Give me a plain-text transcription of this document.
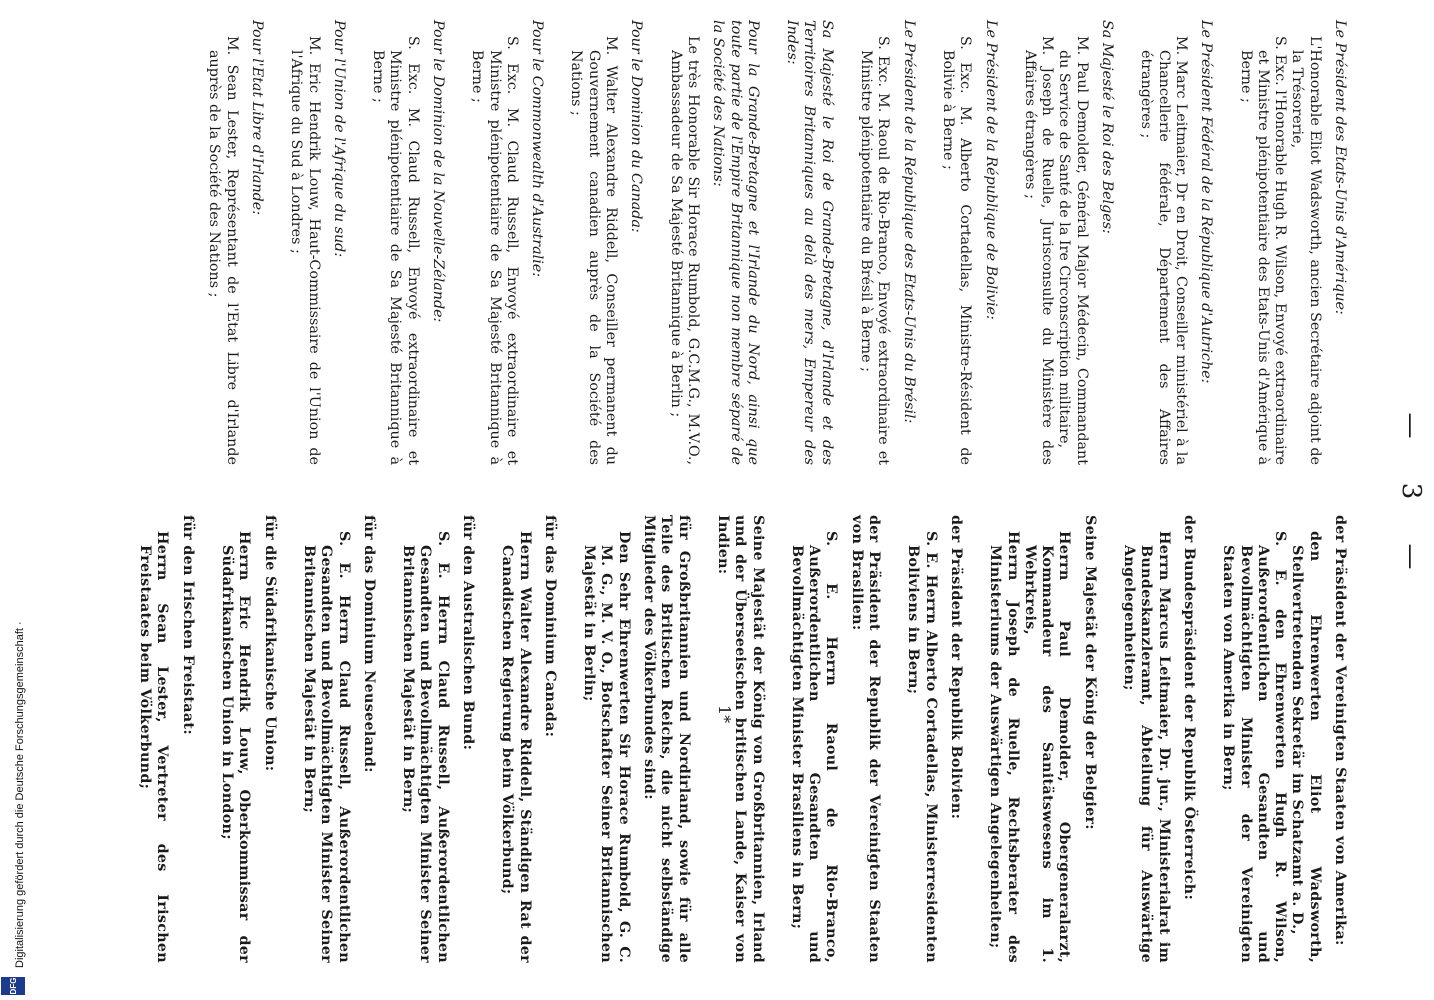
— 3 —

Le Président des Etats-Unis d'Amérique:

L'Honorable Eliot Wadsworth, ancien Secrétaire adjoint de la Trésorerie,

S. Exc. l'Honorable Hugh R. Wilson, Envoyé extraordinaire et Ministre plénipotentiaire des Etats-Unis d'Amérique à Berne ;

Le Président Fédéral de la République d'Autriche:

M. Marc Leitmaier, Dr en Droit, Conseiller ministériel à la Chancellerie fédérale, Département des Affaires étrangères ;

Sa Majesté le Roi des Belges:

M. Paul Demolder, Général Major Médecin, Commandant du Service de Santé de la Ire Circonscription militaire,

M. Joseph de Ruelle, Jurisconsulte du Ministère des Affaires étrangères ;

Le Président de la République de Bolivie:

S. Exc. M. Alberto Cortadellas, Ministre-Résident de Bolivie à Berne ;

Le Président de la République des Etats-Unis du Brésil:

S. Exc. M. Raoul de Rio-Branco, Envoyé extraordinaire et Ministre plénipotentiaire du Brésil à Berne ;

Sa Majesté le Roi de Grande-Bretagne, d'Irlande et des Territoires Britanniques au delà des mers, Empereur des Indes:

Pour la Grande-Bretagne et l'Irlande du Nord, ainsi que toute partie de l'Empire Britannique non membre séparé de la Société des Nations:

Le très Honorable Sir Horace Rumbold, G.C.M.G., M.V.O., Ambassadeur de Sa Majesté Britannique à Berlin ;

Pour le Dominion du Canada:

M. Walter Alexandre Riddell, Conseiller permanent du Gouvernement canadien auprès de la Société des Nations ;

Pour le Commonwealth d'Australie:

S. Exc. M. Claud Russell, Envoyé extraordinaire et Ministre plénipotentiaire de Sa Majesté Britannique à Berne ;

Pour le Dominion de la Nouvelle-Zélande:

S. Exc. M. Claud Russell, Envoyé extraordinaire et Ministre plénipotentiaire de Sa Majesté Britannique à Berne ;

Pour l'Union de l'Afrique du sud:

M. Eric Hendrik Louw, Haut-Commissaire de l'Union de l'Afrique du Sud à Londres ;

Pour l'Etat Libre d'Irlande:

M. Sean Lester, Représentant de l'Etat Libre d'Irlande auprès de la Société des Nations ;

der Präsident der Vereinigten Staaten von Amerika:

den Ehrenwerten Eliot Wadsworth, Stellvertretenden Sekretär im Schatzamt a. D.,

S. E. den Ehrenwerten Hugh R. Wilson, Außerordentlichen Gesandten und Bevollmächtigten Minister der Vereinigten Staaten von Amerika in Bern;

der Bundespräsident der Republik Österreich:

Herrn Marcus Leitmaier, Dr. jur., Ministerialrat im Bundeskanzleramt, Abteilung für Auswärtige Angelegenheiten;

Seine Majestät der König der Belgier:

Herrn Paul Demolder, Obergeneralarzt, Kommandeur des Sanitätswesens im 1. Wehrkreis,

Herrn Joseph de Ruelle, Rechtsberater des Ministeriums der Auswärtigen Angelegenheiten;

der Präsident der Republik Bolivien:

S. E. Herrn Alberto Cortadellas, Ministerresidenten Boliviens in Bern;

der Präsident der Republik der Vereinigten Staaten von Brasilien:

S. E. Herrn Raoul de Rio-Branco, Außerordentlichen Gesandten und Bevollmächtigten Minister Brasiliens in Bern;

Seine Majestät der König von Großbritannien, Irland und der Überseeischen britischen Lande, Kaiser von Indien:

für Großbritannien und Nordirland, sowie für alle Teile des Britischen Reichs, die nicht selbständige Mitglieder des Völkerbundes sind:

Den Sehr Ehrenwerten Sir Horace Rumbold, G. C. M. G., M. V. O., Botschafter Seiner Britannischen Majestät in Berlin;

für das Dominium Canada:

Herrn Walter Alexandre Riddell, Ständigen Rat der Canadischen Regierung beim Völkerbund;

für den Australischen Bund:

S. E. Herrn Claud Russell, Außerordentlichen Gesandten und Bevollmächtigten Minister Seiner Britannischen Majestät in Bern;

für das Dominium Neuseeland:

S. E. Herrn Claud Russell, Außerordentlichen Gesandten und Bevollmächtigten Minister Seiner Britannischen Majestät in Bern;

für die Südafrikanische Union:

Herrn Eric Hendrik Louw, Oberkommissar der Südafrikanischen Union in London;

für den Irischen Freistaat:

Herrn Sean Lester, Vertreter des Irischen Freistaates beim Völkerbund;	1*
Digitalisierung gefördert durch die Deutsche Forschungsgemeinschaft ·
DFG
